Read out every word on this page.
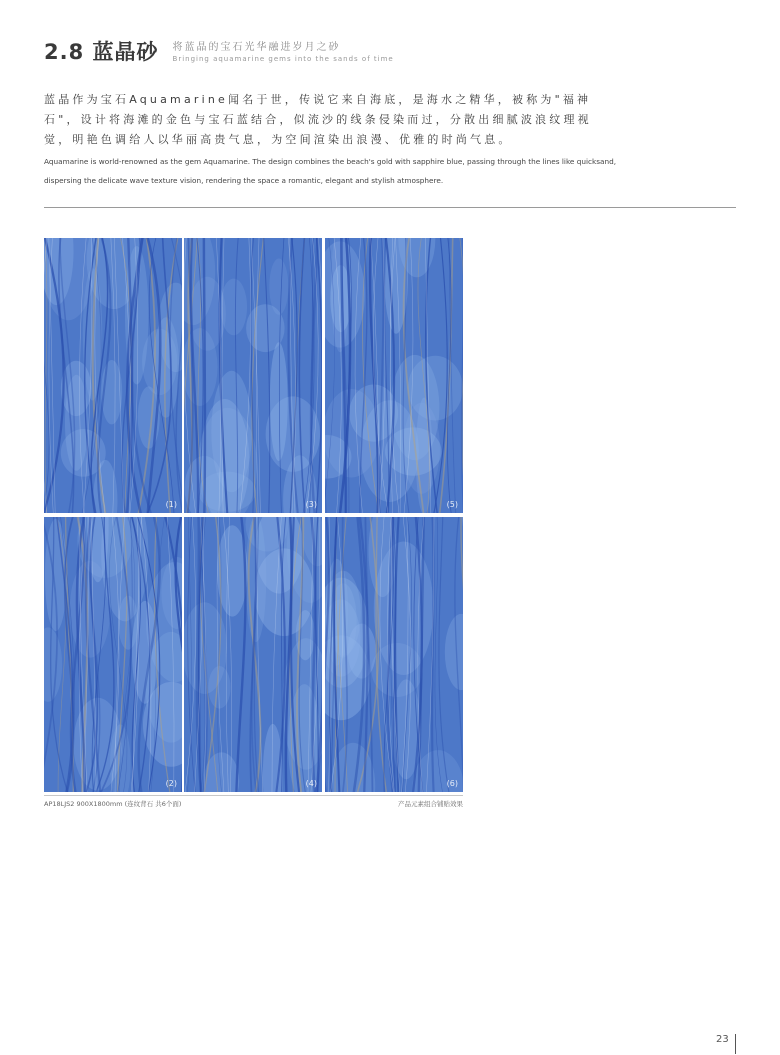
2.8 蓝晶砂 将蓝晶的宝石光华融进岁月之砂
Bringing aquamarine gems into the sands of time
蓝晶作为宝石Aquamarine闻名于世，传说它来自海底，是海水之精华，被称为"福神石"，设计将海滩的金色与宝石蓝结合，似流沙的线条侵染而过，分散出细腻波浪纹理视觉，明艳色调给人以华丽高贵气息，为空间渲染出浪漫、优雅的时尚气息。
Aquamarine is world-renowned as the gem Aquamarine. The design combines the beach's gold with sapphire blue, passing through the lines like quicksand, dispersing the delicate wave texture vision, rendering the space a romantic, elegant and stylish atmosphere.
(1)
(2)
(3)
(4)
(5)
(6)
AP18LJS2 900X1800mm (连纹背石 共6个面)	产品元素组合铺贴效果
23
